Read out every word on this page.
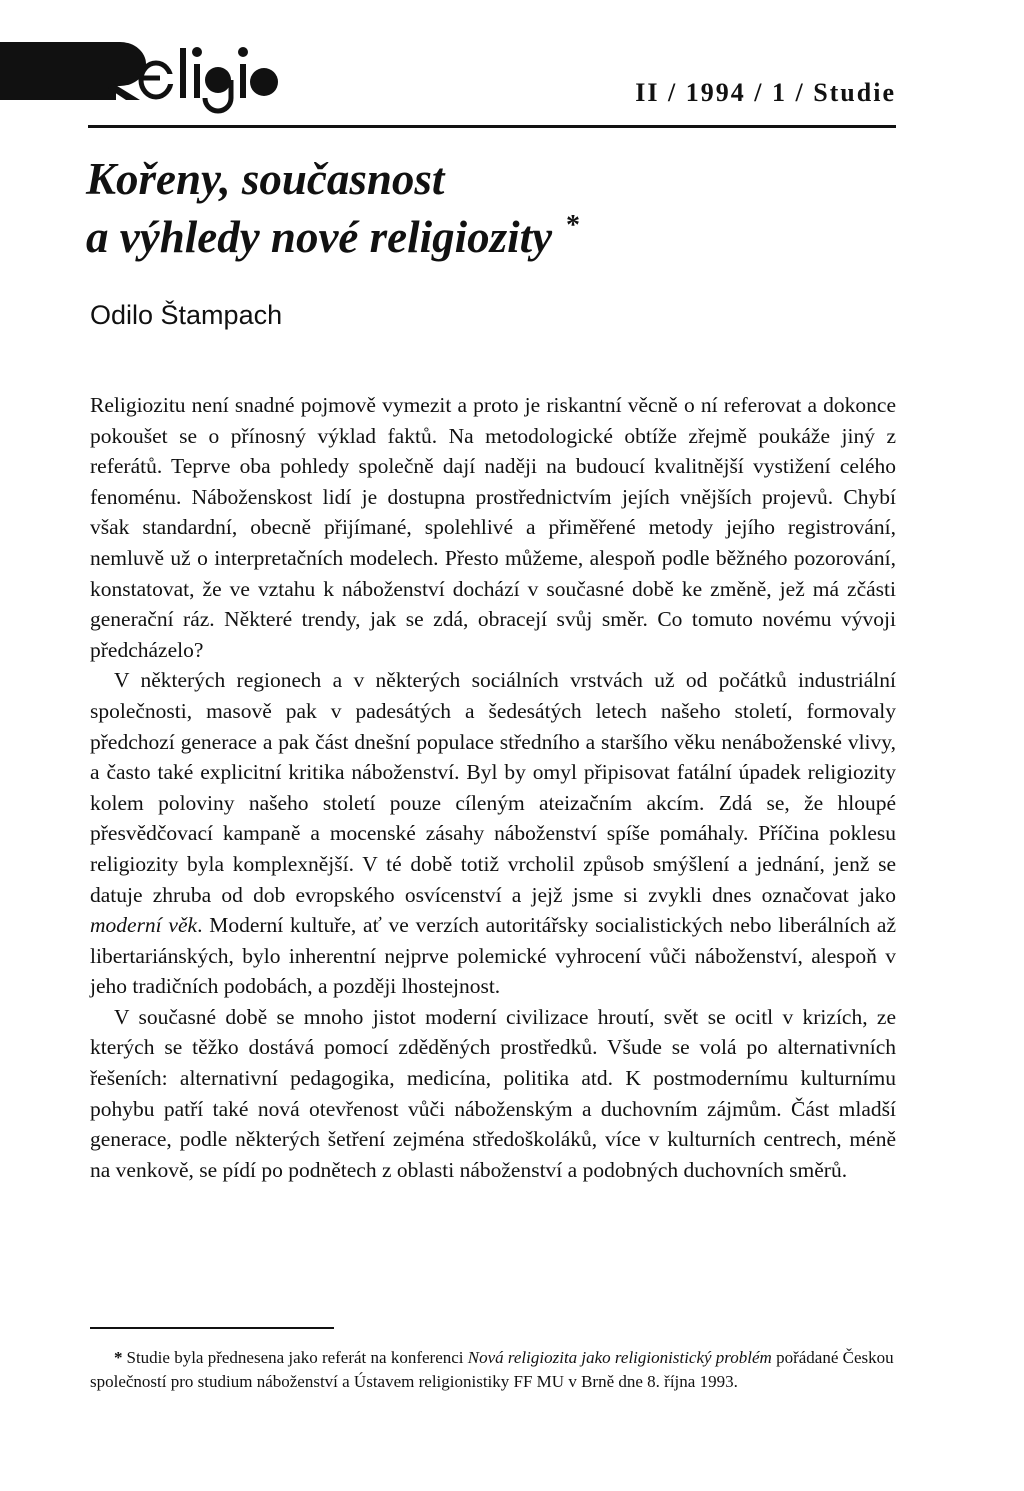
II / 1994 / 1 / Studie
Kořeny, současnost
a výhledy nové religiozity *
Odilo Štampach

Religiozitu není snadné pojmově vymezit a proto je riskantní věcně o ní referovat a dokonce pokoušet se o přínosný výklad faktů. Na metodologické obtíže zřejmě poukáže jiný z referátů. Teprve oba pohledy společně dají naději na budoucí kvalitnější vystižení celého fenoménu. Náboženskost lidí je dostupna prostřednictvím jejích vnějších projevů. Chybí však standardní, obecně přijímané, spolehlivé a přiměřené metody jejího registrování, nemluvě už o interpretačních modelech. Přesto můžeme, alespoň podle běžného pozorování, konstatovat, že ve vztahu k náboženství dochází v současné době ke změně, jež má zčásti generační ráz. Některé trendy, jak se zdá, obracejí svůj směr. Co tomuto novému vývoji předcházelo?

V některých regionech a v některých sociálních vrstvách už od počátků industriální společnosti, masově pak v padesátých a šedesátých letech našeho století, formovaly předchozí generace a pak část dnešní populace středního a staršího věku nenáboženské vlivy, a často také explicitní kritika náboženství. Byl by omyl připisovat fatální úpadek religiozity kolem poloviny našeho století pouze cíleným ateizačním akcím. Zdá se, že hloupé přesvědčovací kampaně a mocenské zásahy náboženství spíše pomáhaly. Příčina poklesu religiozity byla komplexnější. V té době totiž vrcholil způsob smýšlení a jednání, jenž se datuje zhruba od dob evropského osvícenství a jejž jsme si zvykli dnes označovat jako moderní věk. Moderní kultuře, ať ve verzích autoritářsky socialistických nebo liberálních až libertariánských, bylo inherentní nejprve polemické vyhrocení vůči náboženství, alespoň v jeho tradičních podobách, a později lhostejnost.

V současné době se mnoho jistot moderní civilizace hroutí, svět se ocitl v krizích, ze kterých se těžko dostává pomocí zděděných prostředků. Všude se volá po alternativních řešeních: alternativní pedagogika, medicína, politika atd. K postmodernímu kulturnímu pohybu patří také nová otevřenost vůči náboženským a duchovním zájmům. Část mladší generace, podle některých šetření zejména středoškoláků, více v kulturních centrech, méně na venkově, se pídí po podnětech z oblasti náboženství a podobných duchovních směrů.

* Studie byla přednesena jako referát na konferenci Nová religiozita jako religionistický problém pořádané Českou společností pro studium náboženství a Ústavem religionistiky FF MU v Brně dne 8. října 1993.
